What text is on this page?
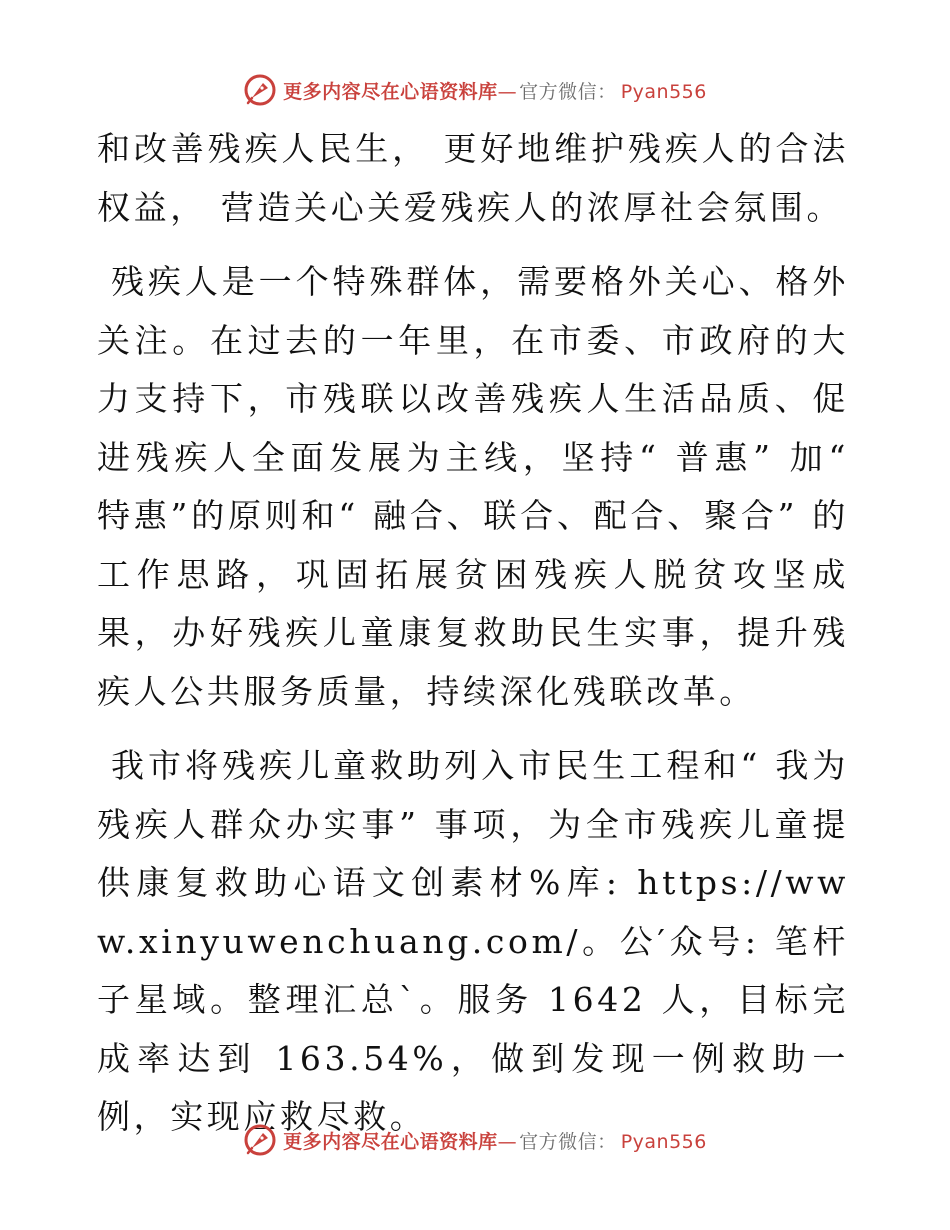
更多内容尽在心语资料库— 官方微信： Pyan556

和改善残疾人民生， 更好地维护残疾人的合法权益， 营造关心关爱残疾人的浓厚社会氛围。

残疾人是一个特殊群体，需要格外关心、格外关注。在过去的一年里，在市委、市政府的大力支持下，市残联以改善残疾人生活品质、促进残疾人全面发展为主线，坚持“ 普惠” 加“ 特惠”的原则和“ 融合、联合、配合、聚合” 的工作思路，巩固拓展贫困残疾人脱贫攻坚成果，办好残疾儿童康复救助民生实事，提升残疾人公共服务质量，持续深化残联改革。

我市将残疾儿童救助列入市民生工程和“ 我为残疾人群众办实事” 事项，为全市残疾儿童提供康复救助心语文创素材%库: https://www.xinyuwenchuang.com/。公′众号: 笔杆子星域。整理汇总`。服务 1642 人，目标完成率达到 163.54%，做到发现一例救助一例，实现应救尽救。

更多内容尽在心语资料库— 官方微信： Pyan556
